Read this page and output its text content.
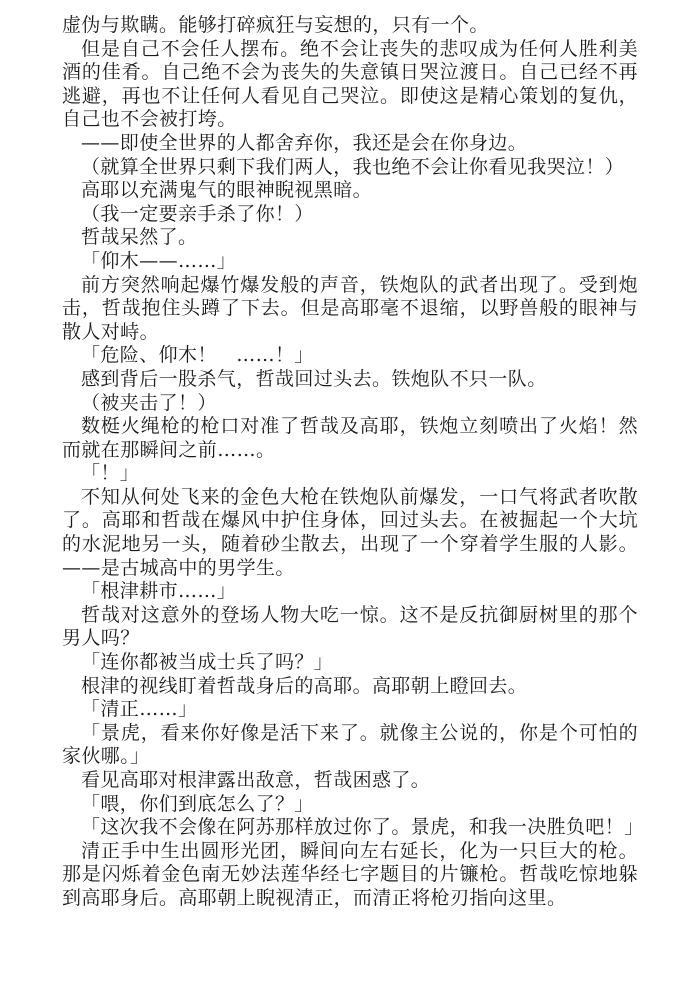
虚伪与欺瞒。能够打碎疯狂与妄想的，只有一个。

但是自己不会任人摆布。绝不会让丧失的悲叹成为任何人胜利美酒的佳肴。自己绝不会为丧失的失意镇日哭泣渡日。自己已经不再逃避，再也不让任何人看见自己哭泣。即使这是精心策划的复仇，自己也不会被打垮。

——即使全世界的人都舍弃你，我还是会在你身边。

（就算全世界只剩下我们两人，我也绝不会让你看见我哭泣！）

高耶以充满鬼气的眼神睨视黑暗。

（我一定要亲手杀了你！）

哲哉呆然了。

「仰木——……」

前方突然响起爆竹爆发般的声音，铁炮队的武者出现了。受到炮击，哲哉抱住头蹲了下去。但是高耶毫不退缩，以野兽般的眼神与散人对峙。

「危险、仰木！　……！」

感到背后一股杀气，哲哉回过头去。铁炮队不只一队。

（被夹击了！）

数梃火绳枪的枪口对准了哲哉及高耶，铁炮立刻喷出了火焰！然而就在那瞬间之前……。

「！」

不知从何处飞来的金色大枪在铁炮队前爆发，一口气将武者吹散了。高耶和哲哉在爆风中护住身体，回过头去。在被掘起一个大坑的水泥地另一头，随着砂尘散去，出现了一个穿着学生服的人影。——是古城高中的男学生。

「根津耕市……」

哲哉对这意外的登场人物大吃一惊。这不是反抗御厨树里的那个男人吗？

「连你都被当成士兵了吗？」

根津的视线盯着哲哉身后的高耶。高耶朝上瞪回去。

「清正……」

「景虎，看来你好像是活下来了。就像主公说的，你是个可怕的家伙哪。」

看见高耶对根津露出敌意，哲哉困惑了。

「喂，你们到底怎么了？」

「这次我不会像在阿苏那样放过你了。景虎，和我一决胜负吧！」

清正手中生出圆形光团，瞬间向左右延长，化为一只巨大的枪。那是闪烁着金色南无妙法莲华经七字题目的片镰枪。哲哉吃惊地躲到高耶身后。高耶朝上睨视清正，而清正将枪刃指向这里。
